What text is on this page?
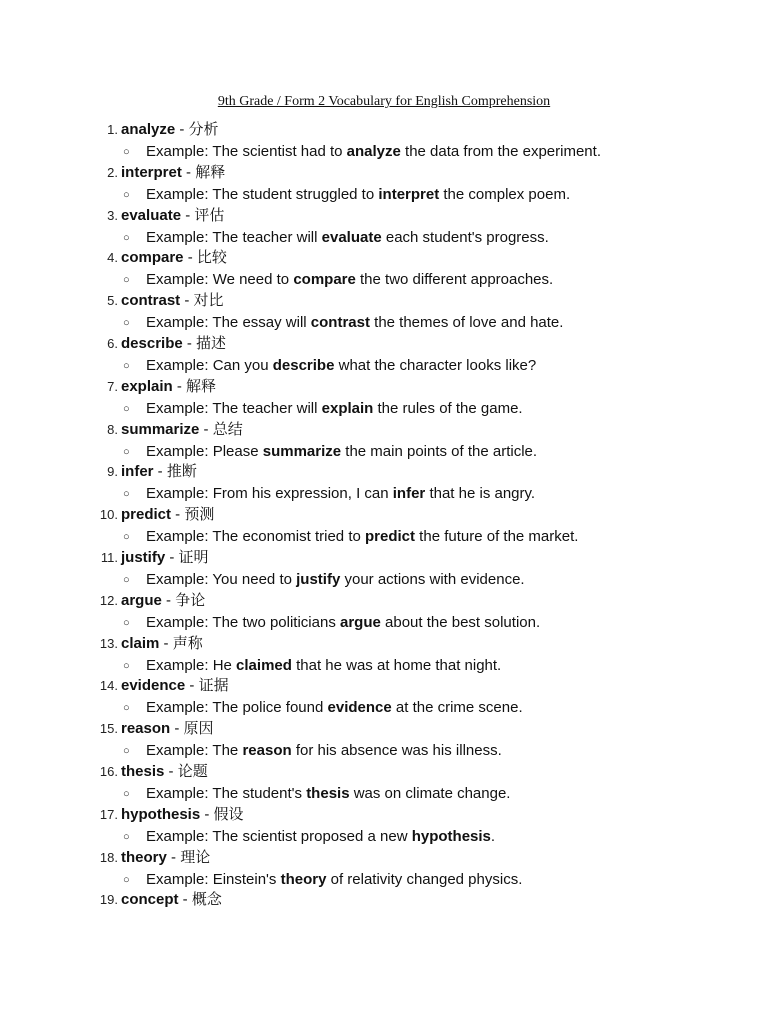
9th Grade / Form 2 Vocabulary for English Comprehension
1. analyze - 分析
○ Example: The scientist had to analyze the data from the experiment.
2. interpret - 解释
○ Example: The student struggled to interpret the complex poem.
3. evaluate - 评估
○ Example: The teacher will evaluate each student's progress.
4. compare - 比较
○ Example: We need to compare the two different approaches.
5. contrast - 对比
○ Example: The essay will contrast the themes of love and hate.
6. describe - 描述
○ Example: Can you describe what the character looks like?
7. explain - 解释
○ Example: The teacher will explain the rules of the game.
8. summarize - 总结
○ Example: Please summarize the main points of the article.
9. infer - 推断
○ Example: From his expression, I can infer that he is angry.
10. predict - 预测
○ Example: The economist tried to predict the future of the market.
11. justify - 证明
○ Example: You need to justify your actions with evidence.
12. argue - 争论
○ Example: The two politicians argue about the best solution.
13. claim - 声称
○ Example: He claimed that he was at home that night.
14. evidence - 证据
○ Example: The police found evidence at the crime scene.
15. reason - 原因
○ Example: The reason for his absence was his illness.
16. thesis - 论题
○ Example: The student's thesis was on climate change.
17. hypothesis - 假设
○ Example: The scientist proposed a new hypothesis.
18. theory - 理论
○ Example: Einstein's theory of relativity changed physics.
19. concept - 概念
